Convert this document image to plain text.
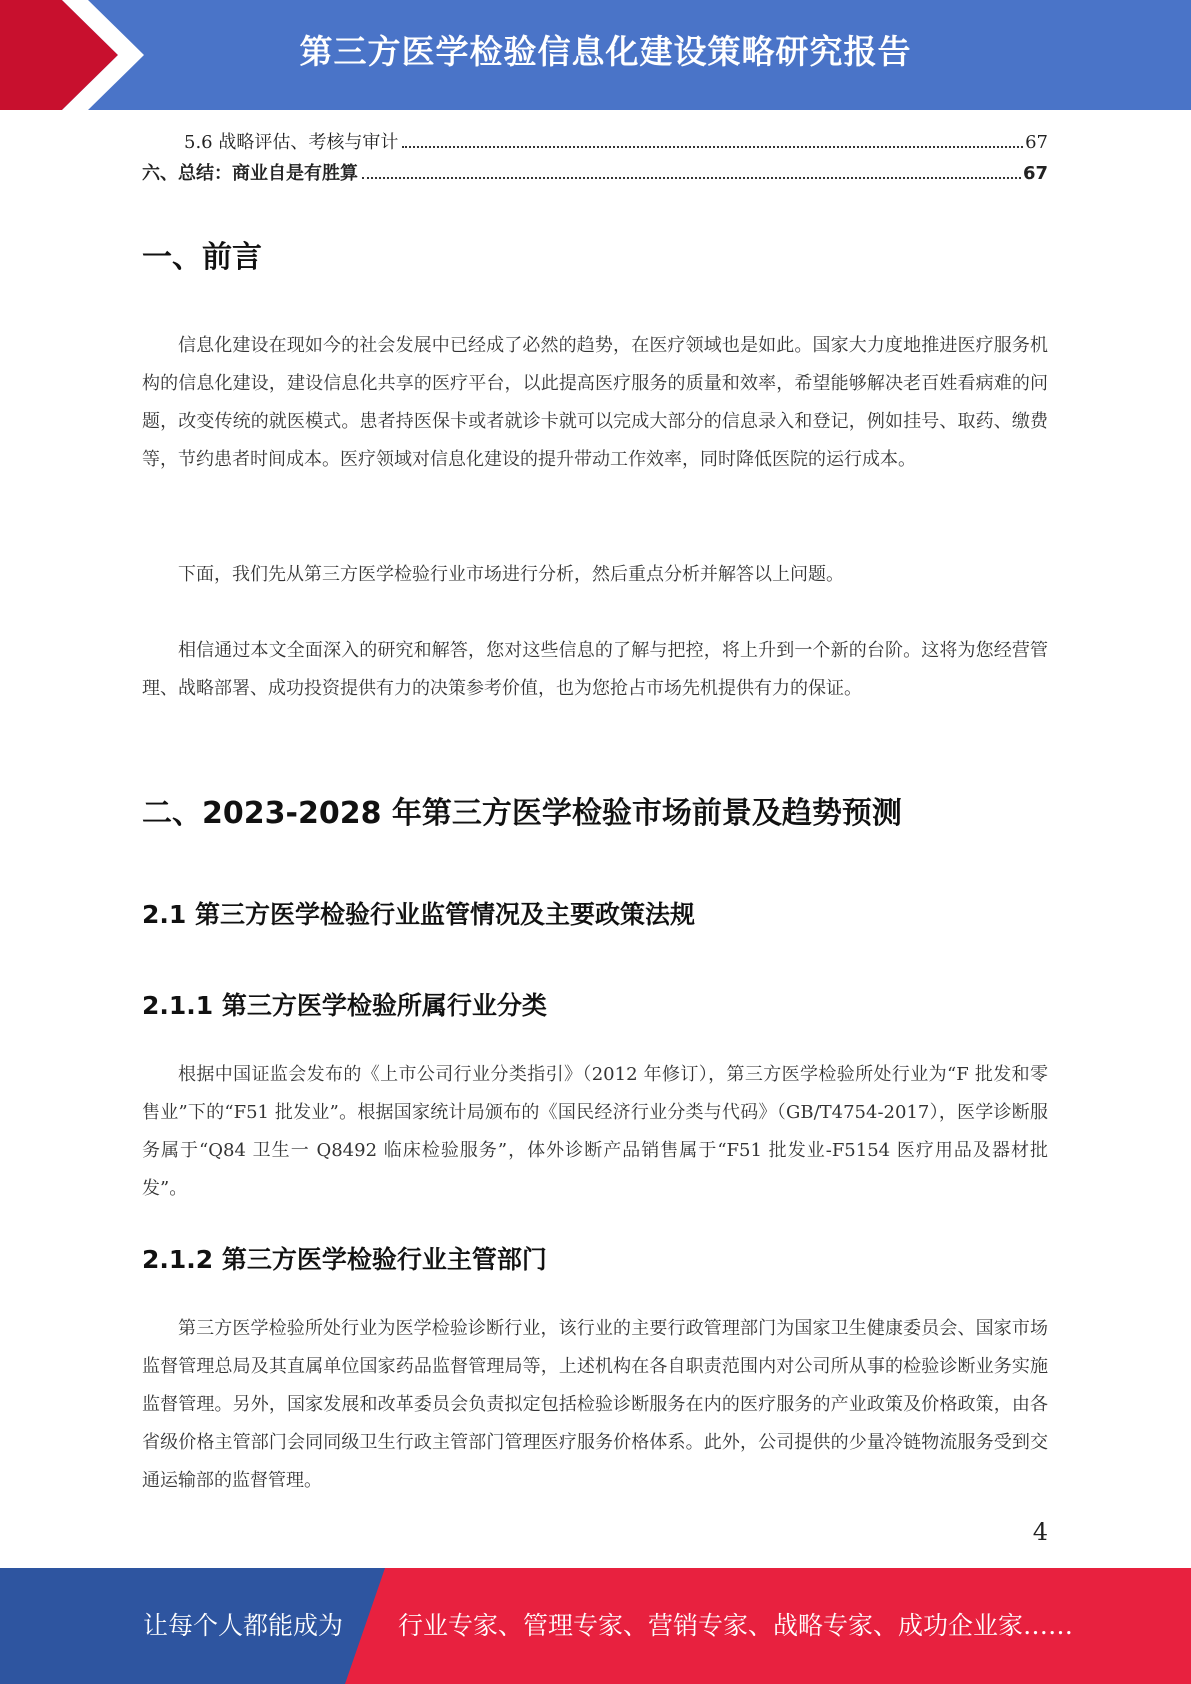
第三方医学检验信息化建设策略研究报告
5.6 战略评估、考核与审计	67
六、总结：商业自是有胜算	67
一、前言

信息化建设在现如今的社会发展中已经成了必然的趋势，在医疗领域也是如此。国家大力度地推进医疗服务机构的信息化建设，建设信息化共享的医疗平台，以此提高医疗服务的质量和效率，希望能够解决老百姓看病难的问题，改变传统的就医模式。患者持医保卡或者就诊卡就可以完成大部分的信息录入和登记，例如挂号、取药、缴费等，节约患者时间成本。医疗领域对信息化建设的提升带动工作效率，同时降低医院的运行成本。

下面，我们先从第三方医学检验行业市场进行分析，然后重点分析并解答以上问题。

相信通过本文全面深入的研究和解答，您对这些信息的了解与把控，将上升到一个新的台阶。这将为您经营管理、战略部署、成功投资提供有力的决策参考价值，也为您抢占市场先机提供有力的保证。

二、2023-2028 年第三方医学检验市场前景及趋势预测
2.1 第三方医学检验行业监管情况及主要政策法规
2.1.1 第三方医学检验所属行业分类

根据中国证监会发布的《上市公司行业分类指引》（2012 年修订），第三方医学检验所处行业为“F 批发和零售业”下的“F51 批发业”。根据国家统计局颁布的《国民经济行业分类与代码》（GB/T4754-2017），医学诊断服务属于“Q84 卫生一 Q8492 临床检验服务”，体外诊断产品销售属于“F51 批发业-F5154 医疗用品及器材批发”。

2.1.2 第三方医学检验行业主管部门

第三方医学检验所处行业为医学检验诊断行业，该行业的主要行政管理部门为国家卫生健康委员会、国家市场监督管理总局及其直属单位国家药品监督管理局等，上述机构在各自职责范围内对公司所从事的检验诊断业务实施监督管理。另外，国家发展和改革委员会负责拟定包括检验诊断服务在内的医疗服务的产业政策及价格政策，由各省级价格主管部门会同同级卫生行政主管部门管理医疗服务价格体系。此外，公司提供的少量冷链物流服务受到交通运输部的监督管理。

4
让每个人都能成为 行业专家、管理专家、营销专家、战略专家、成功企业家……
